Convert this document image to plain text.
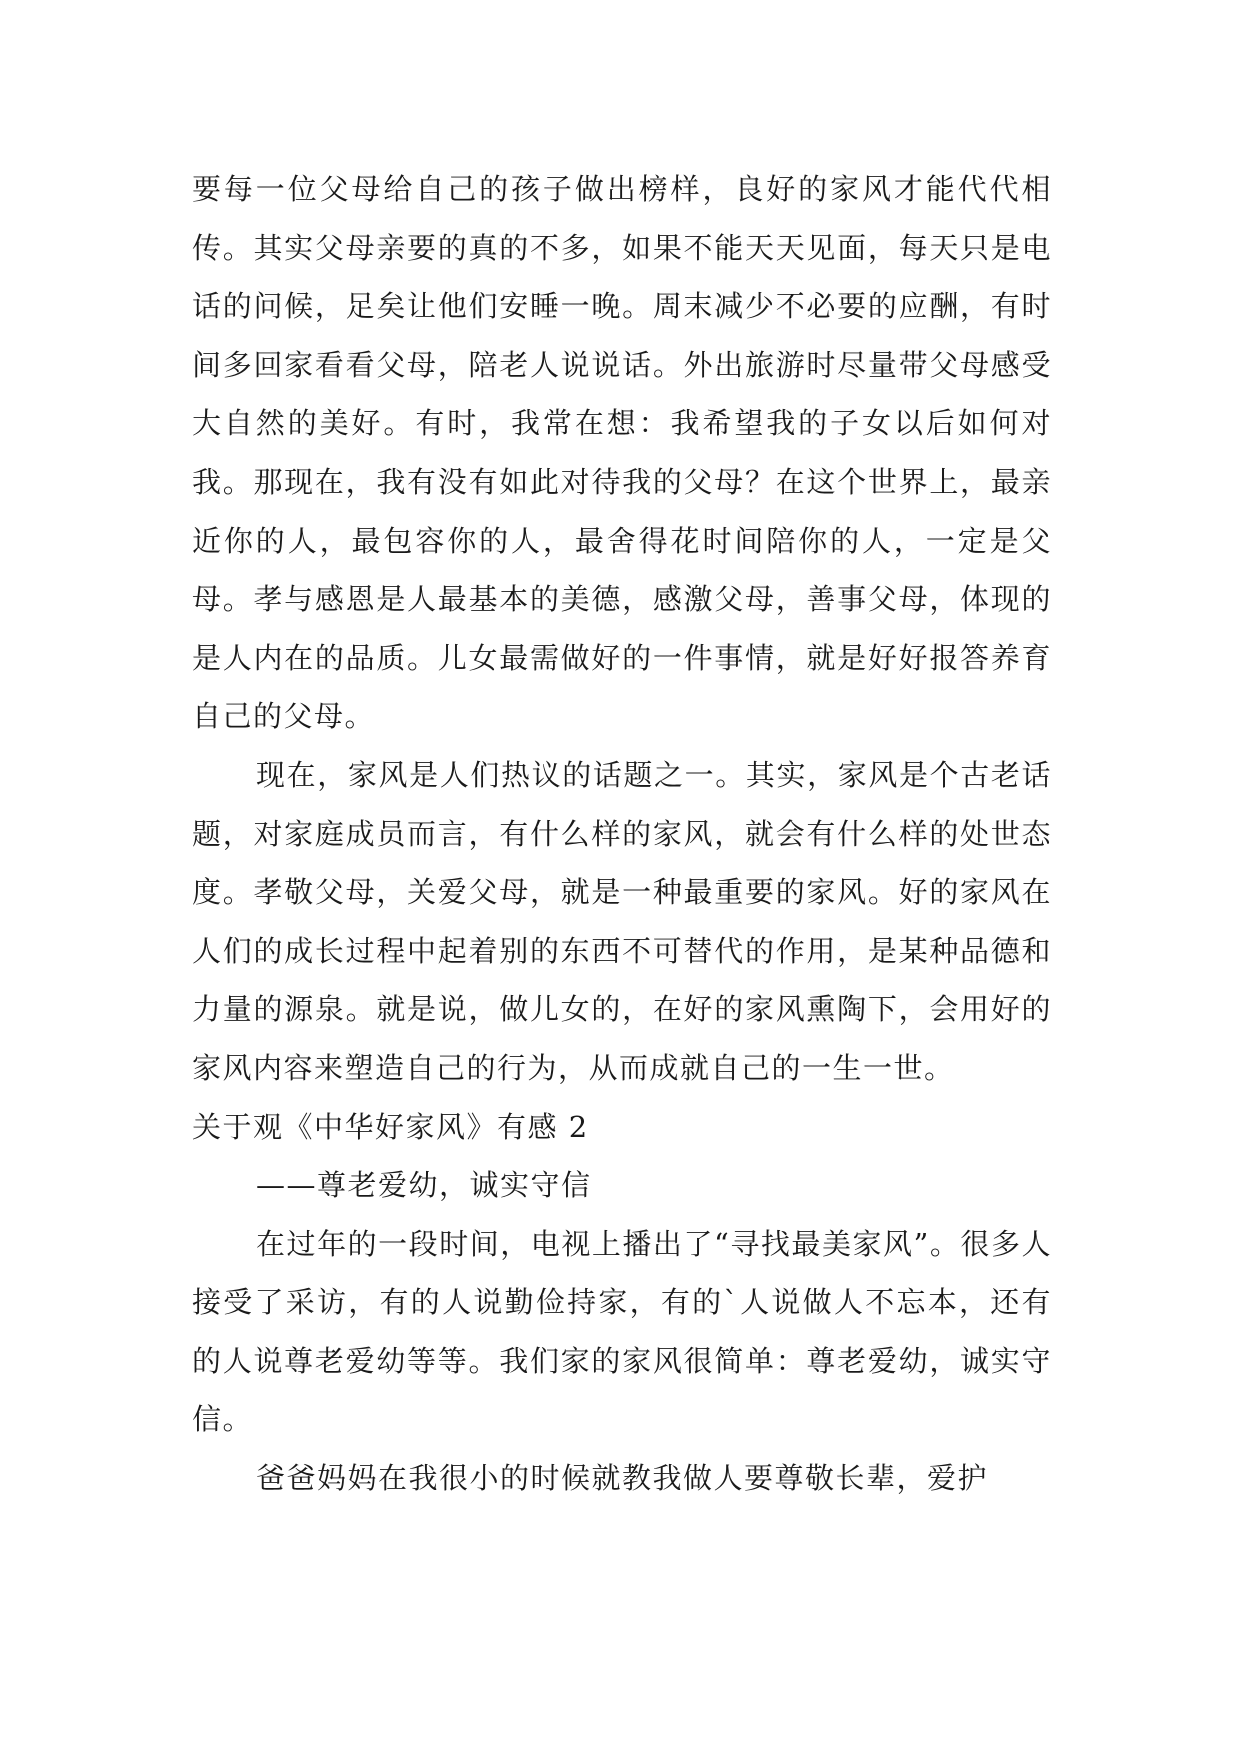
要每一位父母给自己的孩子做出榜样，良好的家风才能代代相传。其实父母亲要的真的不多，如果不能天天见面，每天只是电话的问候，足矣让他们安睡一晚。周末减少不必要的应酬，有时间多回家看看父母，陪老人说说话。外出旅游时尽量带父母感受大自然的美好。有时，我常在想：我希望我的子女以后如何对我。那现在，我有没有如此对待我的父母？在这个世界上，最亲近你的人，最包容你的人，最舍得花时间陪你的人，一定是父母。孝与感恩是人最基本的美德，感激父母，善事父母，体现的是人内在的品质。儿女最需做好的一件事情，就是好好报答养育自己的父母。

现在，家风是人们热议的话题之一。其实，家风是个古老话题，对家庭成员而言，有什么样的家风，就会有什么样的处世态度。孝敬父母，关爱父母，就是一种最重要的家风。好的家风在人们的成长过程中起着别的东西不可替代的作用，是某种品德和力量的源泉。就是说，做儿女的，在好的家风熏陶下，会用好的家风内容来塑造自己的行为，从而成就自己的一生一世。

关于观《中华好家风》有感 2

——尊老爱幼，诚实守信

在过年的一段时间，电视上播出了“寻找最美家风”。很多人接受了采访，有的人说勤俭持家，有的`人说做人不忘本，还有的人说尊老爱幼等等。我们家的家风很简单：尊老爱幼，诚实守信。

爸爸妈妈在我很小的时候就教我做人要尊敬长辈，爱护
